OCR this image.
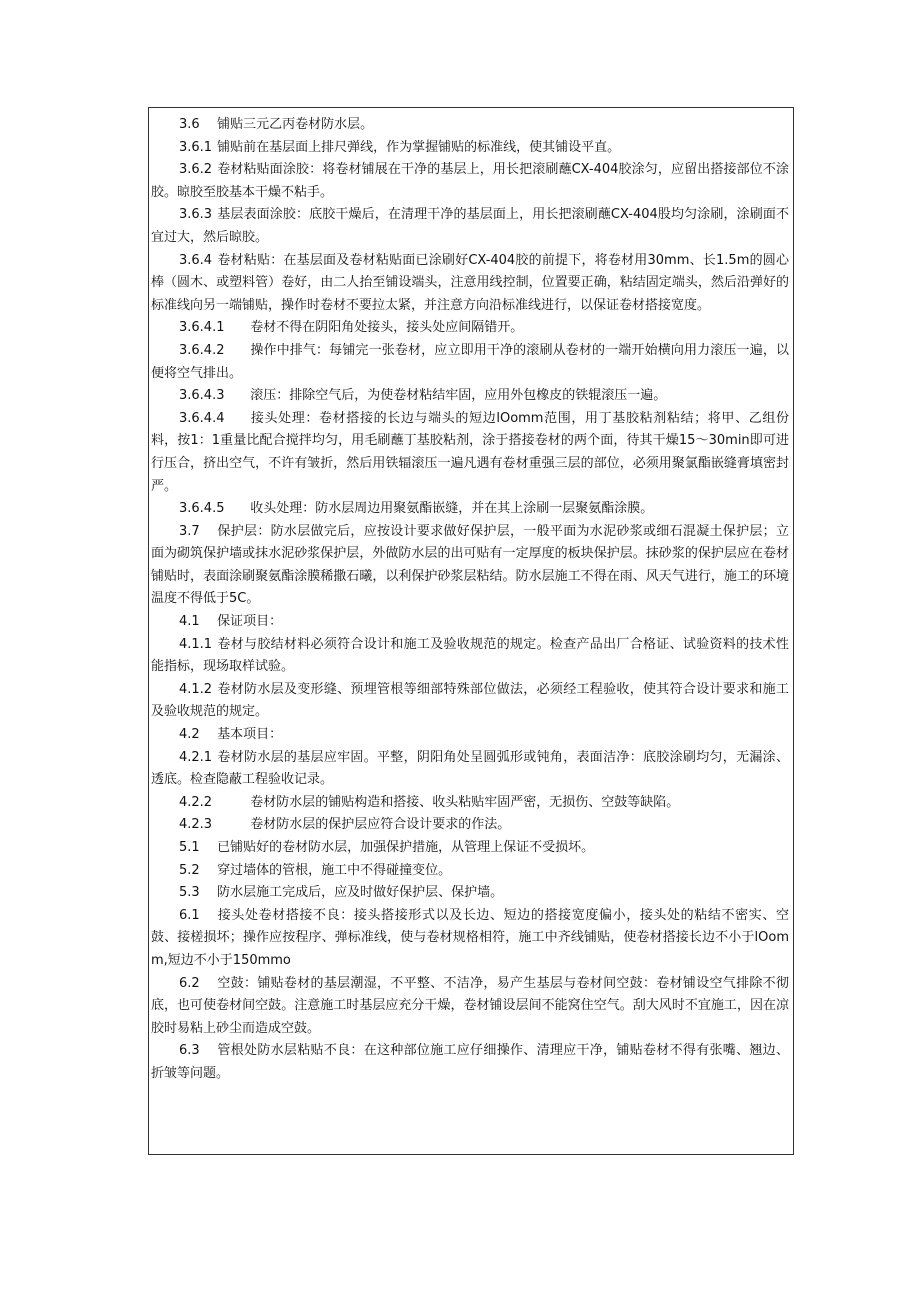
3.6	铺贴三元乙丙卷材防水层。

3.6.1	铺贴前在基层面上排尺弹线，作为掌握铺贴的标准线，使其铺设平直。

3.6.2	卷材粘贴面涂胶：将卷材铺展在干净的基层上，用长把滚刷蘸CX-404胶涂匀，应留出搭接部位不涂胶。晾胶至胶基本干燥不粘手。

3.6.3	基层表面涂胶：底胶干燥后，在清理干净的基层面上，用长把滚刷蘸CX-404股均匀涂刷，涂刷面不宜过大，然后晾胶。

3.6.4	卷材粘贴：在基层面及卷材粘贴面已涂刷好CX-404胶的前提下，将卷材用30mm、长1.5m的圆心棒（圆木、或塑料管）卷好，由二人抬至铺设端头，注意用线控制，位置要正确，粘结固定端头，然后沿弹好的标准线向另一端铺贴，操作时卷材不要拉太紧，并注意方向沿标准线进行，以保证卷材搭接宽度。

3.6.4.1	卷材不得在阴阳角处接头，接头处应间隔错开。

3.6.4.2	操作中排气：每铺完一张卷材，应立即用干净的滚刷从卷材的一端开始横向用力滚压一遍，以便将空气排出。

3.6.4.3	滚压：排除空气后，为使卷材粘结牢固，应用外包橡皮的铁辊滚压一遍。

3.6.4.4	接头处理：卷材搭接的长边与端头的短边lOomm范围，用丁基胶粘剂粘结；将甲、乙组份料，按1：1重量比配合搅拌均匀，用毛刷蘸丁基胶粘剂，涂于搭接卷材的两个面，待其干燥15～30min即可进行压合，挤出空气，不许有皱折，然后用铁辐滚压一遍凡遇有卷材重强三层的部位，必须用聚氯酯嵌缝膏填密封严。

3.6.4.5	收头处理：防水层周边用聚氨酯嵌缝，并在其上涂刷一层聚氨酯涂膜。

3.7	保护层：防水层做完后，应按设计要求做好保护层，一般平面为水泥砂浆或细石混凝土保护层；立面为砌筑保护墙或抹水泥砂浆保护层，外做防水层的出可贴有一定厚度的板块保护层。抹砂浆的保护层应在卷材铺贴时，表面涂刷聚氨酯涂膜稀撒石曦，以利保护砂浆层粘结。防水层施工不得在雨、风天气进行，施工的环境温度不得低于5C。

4.1	保证项目：

4.1.1	卷材与胶结材料必须符合设计和施工及验收规范的规定。检查产品出厂合格证、试验资料的技术性能指标，现场取样试验。

4.1.2	卷材防水层及变形缝、预埋管根等细部特殊部位做法，必须经工程验收，使其符合设计要求和施工及验收规范的规定。

4.2	基本项目：

4.2.1	卷材防水层的基层应牢固。平整，阴阳角处呈圆弧形或钝角，表面洁净：底胶涂刷均匀，无漏涂、透底。检查隐蔽工程验收记录。

4.2.2		卷材防水层的铺贴构造和搭接、收头粘贴牢固严密，无损伤、空鼓等缺陷。

4.2.3		卷材防水层的保护层应符合设计要求的作法。

5.1	已铺贴好的卷材防水层，加强保护措施，从管理上保证不受损坏。

5.2	穿过墙体的管根，施工中不得碰撞变位。

5.3	防水层施工完成后，应及时做好保护层、保护墙。

6.1	接头处卷材搭接不良：接头搭接形式以及长边、短边的搭接宽度偏小，接头处的粘结不密实、空鼓、接槎损坏；操作应按程序、弹标准线，使与卷材规格相符，施工中齐线铺贴，使卷材搭接长边不小于lOomm,短边不小于150mmo

6.2	空鼓：铺贴卷材的基层潮湿，不平整、不洁净，易产生基层与卷材间空鼓：卷材铺设空气排除不彻底，也可使卷材间空鼓。注意施工时基层应充分干燥，卷材铺设层间不能窝住空气。刮大风时不宜施工，因在凉胶时易粘上砂尘而造成空鼓。

6.3	管根处防水层粘贴不良：在这种部位施工应仔细操作、清理应干净，铺贴卷材不得有张嘴、翘边、折皱等问题。
